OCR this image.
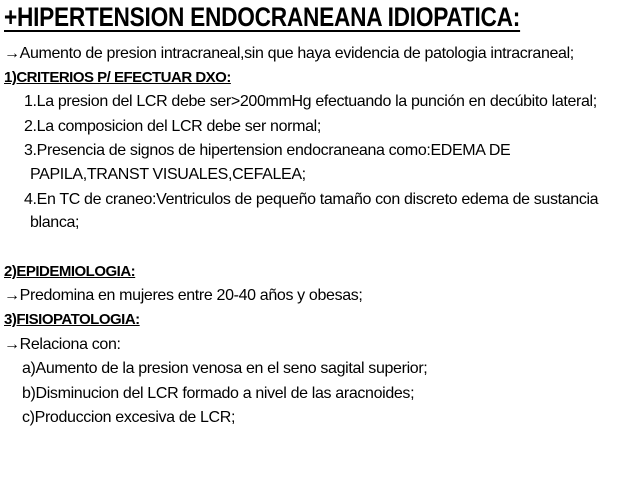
+HIPERTENSION ENDOCRANEANA IDIOPATICA:
→Aumento de presion intracraneal,sin que haya evidencia de patologia intracraneal;
1)CRITERIOS P/ EFECTUAR DXO:
1.La presion del LCR debe ser>200mmHg efectuando la punción en decúbito lateral;
2.La composicion del LCR debe ser normal;
3.Presencia de signos de hipertension endocraneana como:EDEMA DE
PAPILA,TRANST VISUALES,CEFALEA;
4.En TC de craneo:Ventriculos de pequeño tamaño con discreto edema de sustancia
blanca;
2)EPIDEMIOLOGIA:
→Predomina en mujeres entre 20-40 años y obesas;
3)FISIOPATOLOGIA:
→Relaciona con:
a)Aumento de la presion venosa en el seno sagital superior;
b)Disminucion del LCR formado a nivel de las aracnoides;
c)Produccion excesiva de LCR;
